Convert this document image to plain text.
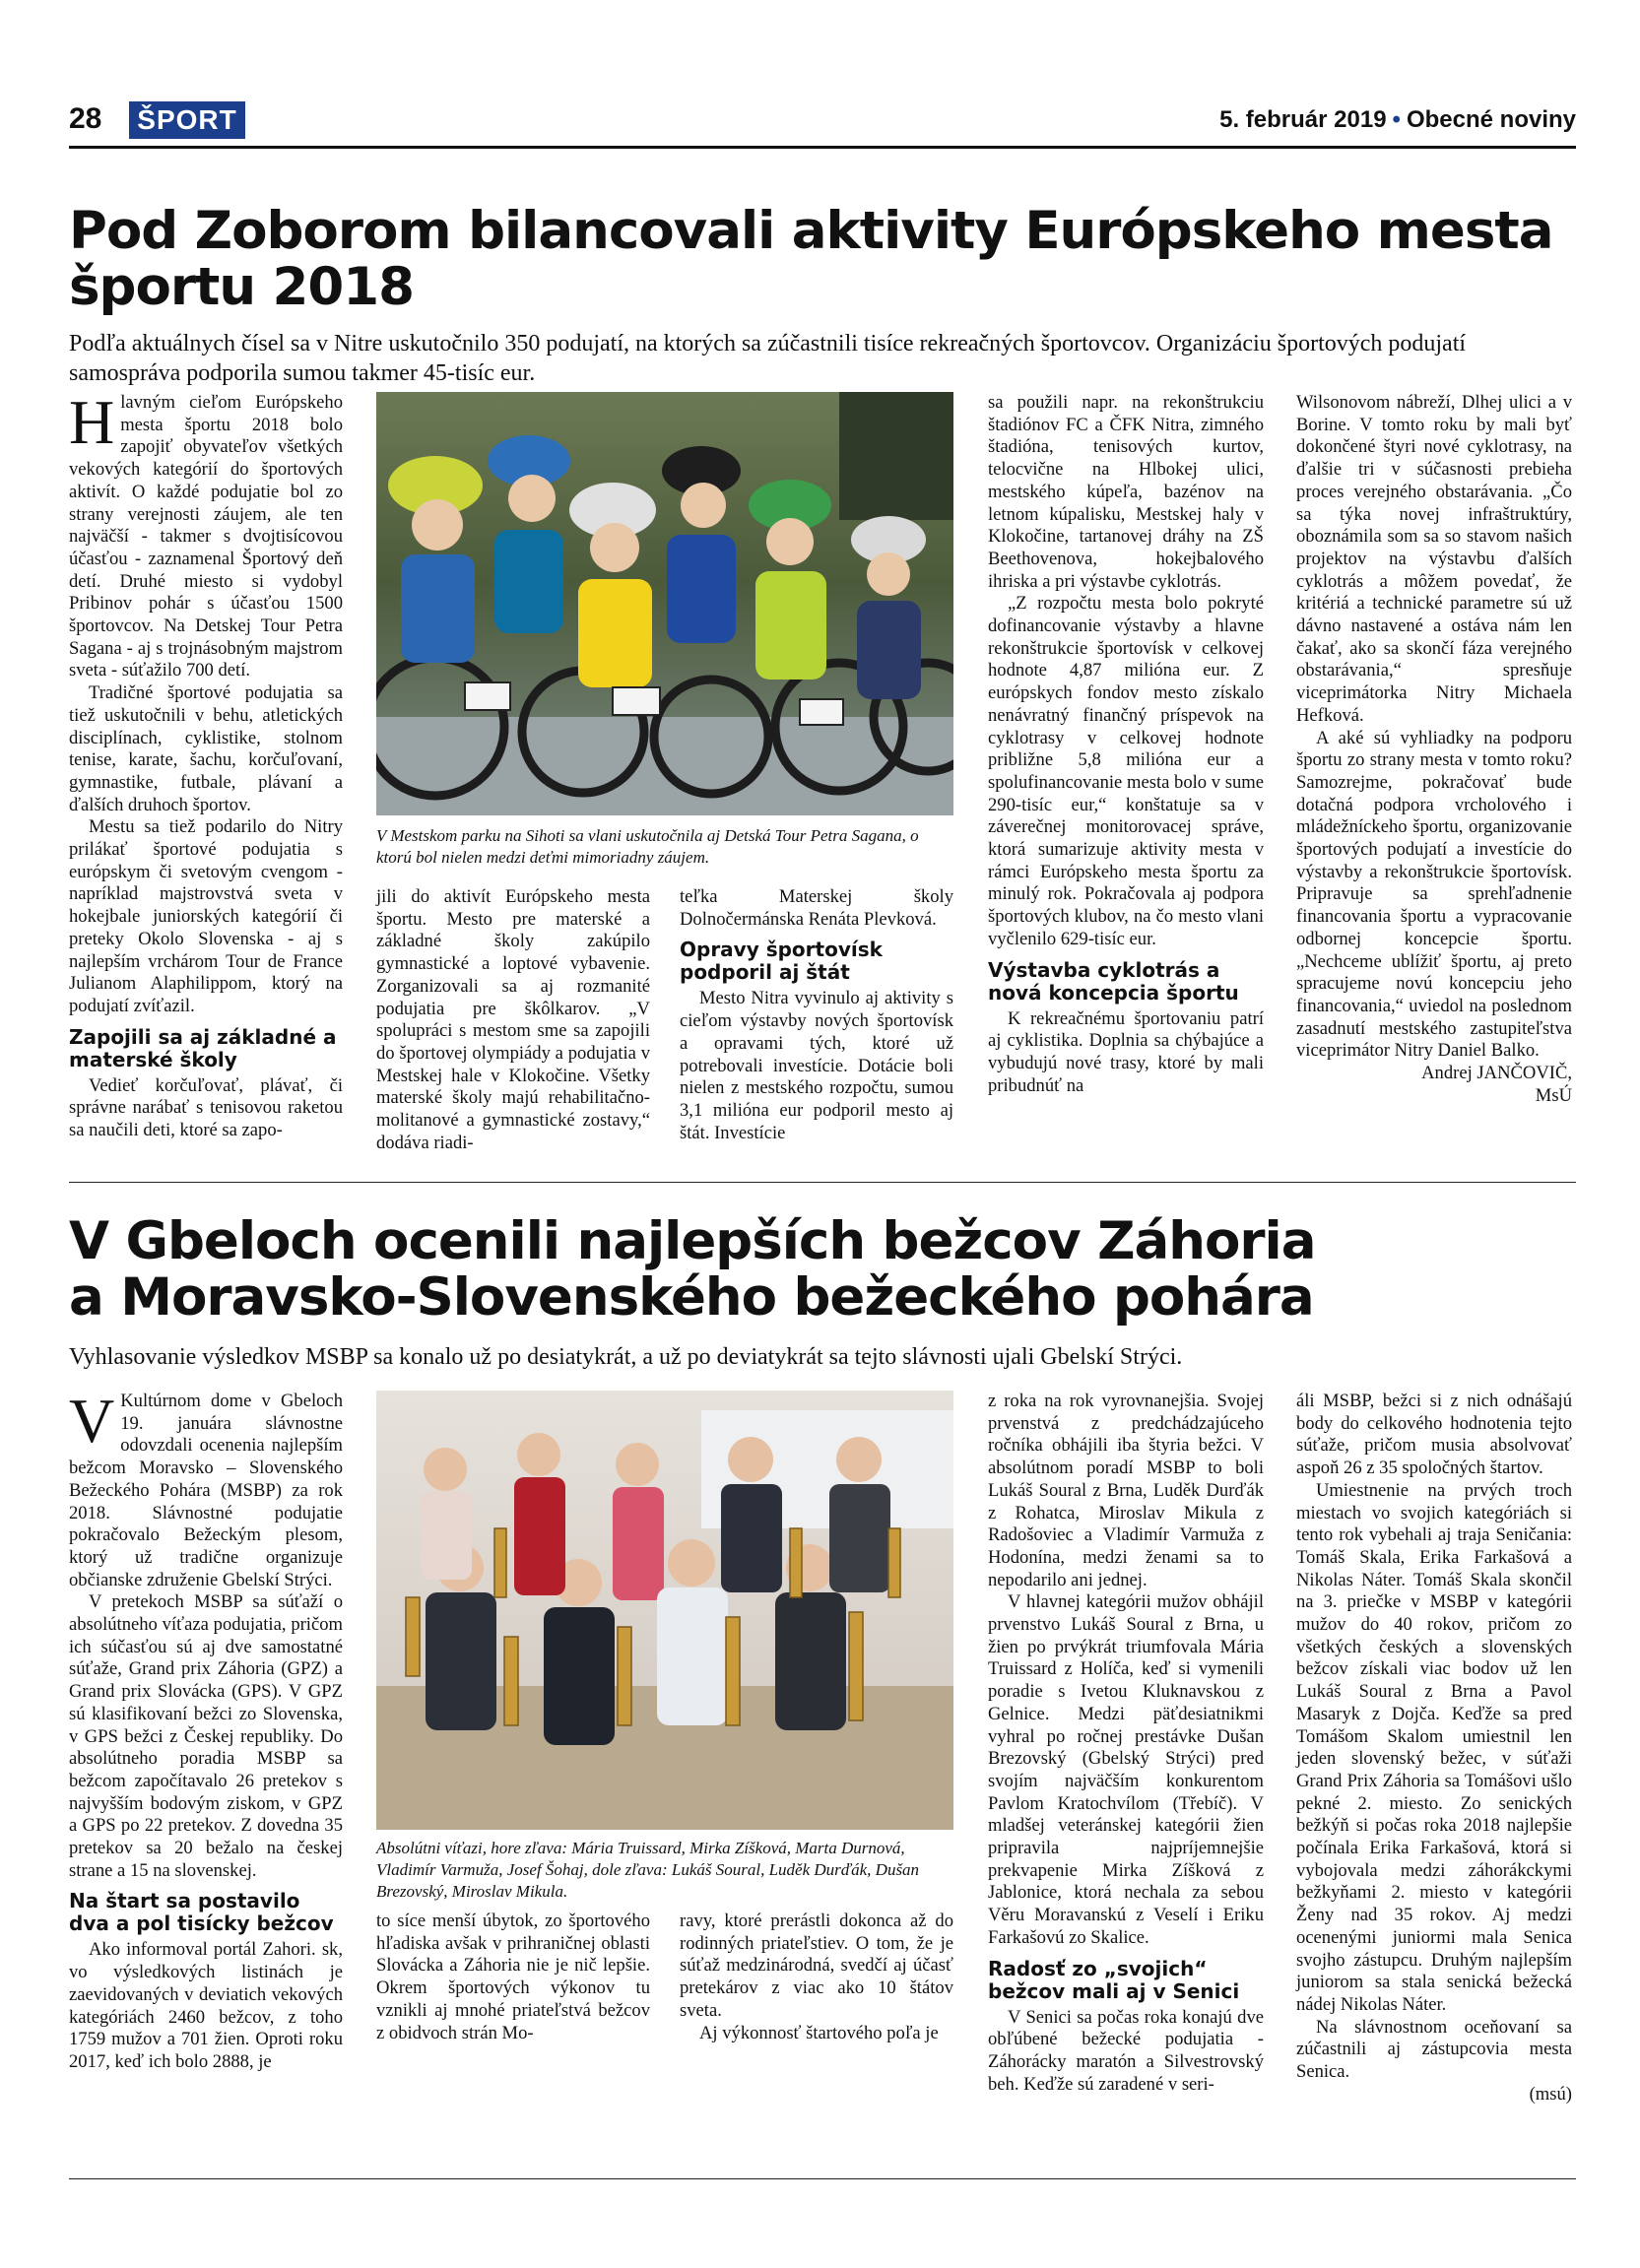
28 ŠPORT	5. február 2019 • Obecné noviny
Pod Zoborom bilancovali aktivity Európskeho mesta
športu 2018
Podľa aktuálnych čísel sa v Nitre uskutočnilo 350 podujatí, na ktorých sa zúčastnili tisíce rekreačných športovcov. Organizáciu športových podujatí samospráva podporila sumou takmer 45-tisíc eur.

Hlavným cieľom Európskeho mesta športu 2018 bolo zapojiť obyvateľov všetkých vekových kategórií do športových aktivít. O každé podujatie bol zo strany verejnosti záujem, ale ten najväčší - takmer s dvojtisícovou účasťou - zaznamenal Športový deň detí. Druhé miesto si vydobyl Pribinov pohár s účasťou 1500 športovcov. Na Detskej Tour Petra Sagana - aj s trojnásobným majstrom sveta - súťažilo 700 detí.

Tradičné športové podujatia sa tiež uskutočnili v behu, atletických disciplínach, cyklistike, stolnom tenise, karate, šachu, korčuľovaní, gymnastike, futbale, plávaní a ďalších druhoch športov.

Mestu sa tiež podarilo do Nitry prilákať športové podujatia s európskym či svetovým cvengom - napríklad majstrovstvá sveta v hokejbale juniorských kategórií či preteky Okolo Slovenska - aj s najlepším vrchárom Tour de France Julianom Alaphilippom, ktorý na podujatí zvíťazil.

Zapojili sa aj základné a materské školy

Vedieť korčuľovať, plávať, či správne narábať s tenisovou raketou sa naučili deti, ktoré sa zapo-

V Mestskom parku na Sihoti sa vlani uskutočnila aj Detská Tour Petra Sagana, o ktorú bol nielen medzi deťmi mimoriadny záujem.

jili do aktivít Európskeho mesta športu. Mesto pre materské a základné školy zakúpilo gymnastické a loptové vybavenie. Zorganizovali sa aj rozmanité podujatia pre škôlkarov. „V spolupráci s mestom sme sa zapojili do športovej olympiády a podujatia v Mestskej hale v Klokočine. Všetky materské školy majú rehabilitačno-molitanové a gymnastické zostavy,“ dodáva riadi-

teľka Materskej školy Dolnočermánska Renáta Plevková.

Opravy športovísk podporil aj štát

Mesto Nitra vyvinulo aj aktivity s cieľom výstavby nových športovísk a opravami tých, ktoré už potrebovali investície. Dotácie boli nielen z mestského rozpočtu, sumou 3,1 milióna eur podporil mesto aj štát. Investície

sa použili napr. na rekonštrukciu štadiónov FC a ČFK Nitra, zimného štadióna, tenisových kurtov, telocvične na Hlbokej ulici, mestského kúpeľa, bazénov na letnom kúpalisku, Mestskej haly v Klokočine, tartanovej dráhy na ZŠ Beethovenova, hokejbalového ihriska a pri výstavbe cyklotrás.

„Z rozpočtu mesta bolo pokryté dofinancovanie výstavby a hlavne rekonštrukcie športovísk v celkovej hodnote 4,87 milióna eur. Z európskych fondov mesto získalo nenávratný finančný príspevok na cyklotrasy v celkovej hodnote približne 5,8 milióna eur a spolufinancovanie mesta bolo v sume 290-tisíc eur,“ konštatuje sa v záverečnej monitorovacej správe, ktorá sumarizuje aktivity mesta v rámci Európskeho mesta športu za minulý rok. Pokračovala aj podpora športových klubov, na čo mesto vlani vyčlenilo 629-tisíc eur.

Výstavba cyklotrás a nová koncepcia športu

K rekreačnému športovaniu patrí aj cyklistika. Doplnia sa chýbajúce a vybudujú nové trasy, ktoré by mali pribudnúť na

Wilsonovom nábreží, Dlhej ulici a v Borine. V tomto roku by mali byť dokončené štyri nové cyklotrasy, na ďalšie tri v súčasnosti prebieha proces verejného obstarávania. „Čo sa týka novej infraštruktúry, oboznámila som sa so stavom našich projektov na výstavbu ďalších cyklotrás a môžem povedať, že kritériá a technické parametre sú už dávno nastavené a ostáva nám len čakať, ako sa skončí fáza verejného obstarávania,“ spresňuje viceprimátorka Nitry Michaela Hefková.

A aké sú vyhliadky na podporu športu zo strany mesta v tomto roku? Samozrejme, pokračovať bude dotačná podpora vrcholového i mládežníckeho športu, organizovanie športových podujatí a investície do výstavby a rekonštrukcie športovísk. Pripravuje sa sprehľadnenie financovania športu a vypracovanie odbornej koncepcie športu. „Nechceme ublížiť športu, aj preto spracujeme novú koncepciu jeho financovania,“ uviedol na poslednom zasadnutí mestského zastupiteľstva viceprimátor Nitry Daniel Balko.

Andrej JANČOVIČ,

MsÚ

V Gbeloch ocenili najlepších bežcov Záhoria
a Moravsko-Slovenského bežeckého pohára
Vyhlasovanie výsledkov MSBP sa konalo už po desiatykrát, a už po deviatykrát sa tejto slávnosti ujali Gbelskí Strýci.

V Kultúrnom dome v Gbeloch 19. januára slávnostne odovzdali ocenenia najlepším bežcom Moravsko – Slovenského Bežeckého Pohára (MSBP) za rok 2018. Slávnostné podujatie pokračovalo Bežeckým plesom, ktorý už tradične organizuje občianske združenie Gbelskí Strýci.

V pretekoch MSBP sa súťaží o absolútneho víťaza podujatia, pričom ich súčasťou sú aj dve samostatné súťaže, Grand prix Záhoria (GPZ) a Grand prix Slovácka (GPS). V GPZ sú klasifikovaní bežci zo Slovenska, v GPS bežci z Českej republiky. Do absolútneho poradia MSBP sa bežcom započítavalo 26 pretekov s najvyšším bodovým ziskom, v GPZ a GPS po 22 pretekov. Z dovedna 35 pretekov sa 20 bežalo na českej strane a 15 na slovenskej.

Na štart sa postavilo dva a pol tisícky bežcov

Ako informoval portál Zahori. sk, vo výsledkových listinách je zaevidovaných v deviatich vekových kategóriách 2460 bežcov, z toho 1759 mužov a 701 žien. Oproti roku 2017, keď ich bolo 2888, je

Absolútni víťazi, hore zľava: Mária Truissard, Mirka Zíšková, Marta Durnová, Vladimír Varmuža, Josef Šohaj, dole zľava: Lukáš Soural, Luděk Durďák, Dušan Brezovský, Miroslav Mikula.

to síce menší úbytok, zo športového hľadiska avšak v prihraničnej oblasti Slovácka a Záhoria nie je nič lepšie. Okrem športových výkonov tu vznikli aj mnohé priateľstvá bežcov z obidvoch strán Mo-

ravy, ktoré prerástli dokonca až do rodinných priateľstiev. O tom, že je súťaž medzinárodná, svedčí aj účasť pretekárov z viac ako 10 štátov sveta.

Aj výkonnosť štartového poľa je

z roka na rok vyrovnanejšia. Svojej prvenstvá z predchádzajúceho ročníka obhájili iba štyria bežci. V absolútnom poradí MSBP to boli Lukáš Soural z Brna, Luděk Durďák z Rohatca, Miroslav Mikula z Radošoviec a Vladimír Varmuža z Hodonína, medzi ženami sa to nepodarilo ani jednej.

V hlavnej kategórii mužov obhájil prvenstvo Lukáš Soural z Brna, u žien po prvýkrát triumfovala Mária Truissard z Holíča, keď si vymenili poradie s Ivetou Kluknavskou z Gelnice. Medzi päťdesiatnikmi vyhral po ročnej prestávke Dušan Brezovský (Gbelský Strýci) pred svojím najväčším konkurentom Pavlom Kratochvílom (Třebíč). V mladšej veteránskej kategórii žien pripravila najpríjemnejšie prekvapenie Mirka Zíšková z Jablonice, ktorá nechala za sebou Věru Moravanskú z Veselí i Eriku Farkašovú zo Skalice.

Radosť zo „svojich“ bežcov mali aj v Senici

V Senici sa počas roka konajú dve obľúbené bežecké podujatia - Záhorácky maratón a Silvestrovský beh. Keďže sú zaradené v seri-

áli MSBP, bežci si z nich odnášajú body do celkového hodnotenia tejto súťaže, pričom musia absolvovať aspoň 26 z 35 spoločných štartov.

Umiestnenie na prvých troch miestach vo svojich kategóriách si tento rok vybehali aj traja Seničania: Tomáš Skala, Erika Farkašová a Nikolas Náter. Tomáš Skala skončil na 3. priečke v MSBP v kategórii mužov do 40 rokov, pričom zo všetkých českých a slovenských bežcov získali viac bodov už len Lukáš Soural z Brna a Pavol Masaryk z Dojča. Keďže sa pred Tomášom Skalom umiestnil len jeden slovenský bežec, v súťaži Grand Prix Záhoria sa Tomášovi ušlo pekné 2. miesto. Zo senických bežkýň si počas roka 2018 najlepšie počínala Erika Farkašová, ktorá si vybojovala medzi záhorákckymi bežkyňami 2. miesto v kategórii Ženy nad 35 rokov. Aj medzi ocenenými juniormi mala Senica svojho zástupcu. Druhým najlepším juniorom sa stala senická bežecká nádej Nikolas Náter.

Na slávnostnom oceňovaní sa zúčastnili aj zástupcovia mesta Senica.

(msú)
